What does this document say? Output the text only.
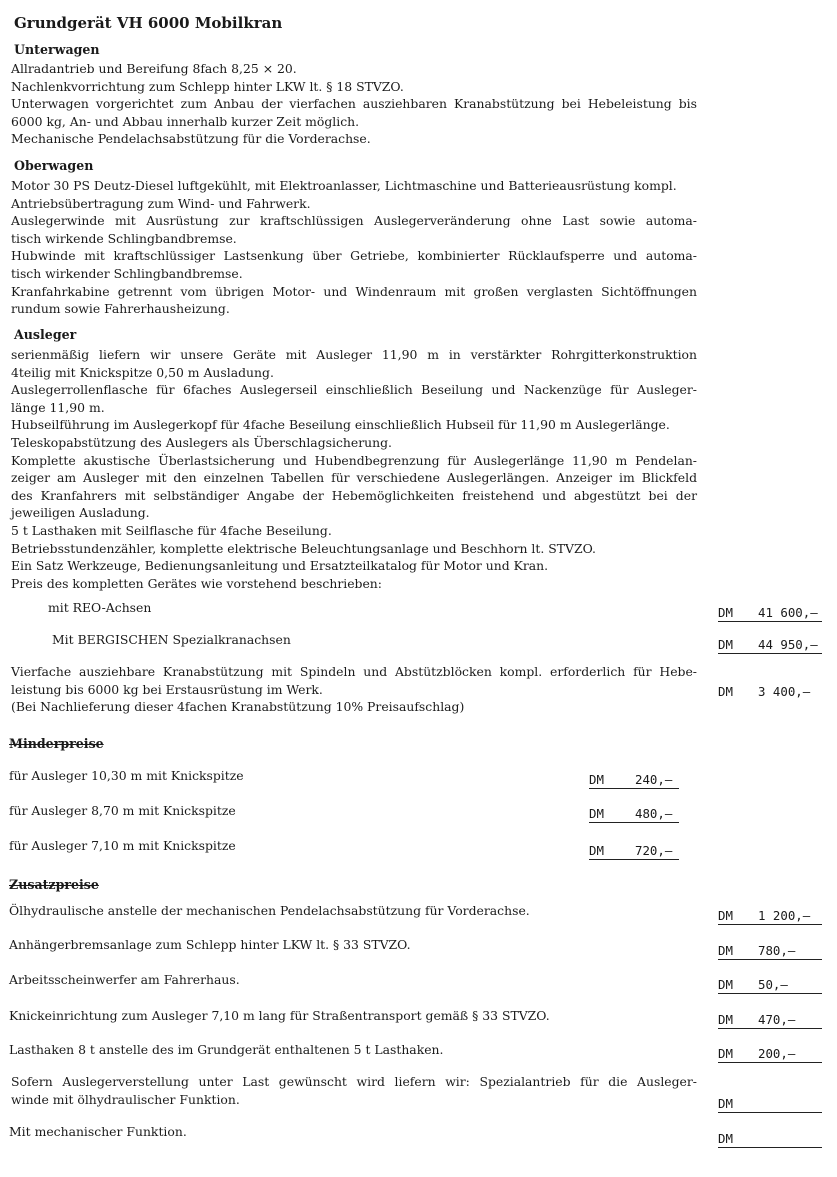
Grundgerät VH 6000 Mobilkran
Unterwagen
Allradantrieb und Bereifung 8fach 8,25 × 20.
Nachlenkvorrichtung zum Schlepp hinter LKW lt. § 18 STVZO.
Unterwagen vorgerichtet zum Anbau der vierfachen ausziehbaren Kranabstützung bei Hebeleistung bis
6000 kg, An- und Abbau innerhalb kurzer Zeit möglich.
Mechanische Pendelachsabstützung für die Vorderachse.
Oberwagen
Motor 30 PS Deutz-Diesel luftgekühlt, mit Elektroanlasser, Lichtmaschine und Batterieausrüstung kompl.
Antriebsübertragung zum Wind- und Fahrwerk.
Auslegerwinde mit Ausrüstung zur kraftschlüssigen Auslegerveränderung ohne Last sowie automa-
tisch wirkende Schlingbandbremse.
Hubwinde mit kraftschlüssiger Lastsenkung über Getriebe, kombinierter Rücklaufsperre und automa-
tisch wirkender Schlingbandbremse.
Kranfahrkabine getrennt vom übrigen Motor- und Windenraum mit großen verglasten Sichtöffnungen
rundum sowie Fahrerhausheizung.
Ausleger
serienmäßig liefern wir unsere Geräte mit Ausleger 11,90 m in verstärkter Rohrgitterkonstruktion
4teilig mit Knickspitze 0,50 m Ausladung.
Auslegerrollenflasche für 6faches Auslegerseil einschließlich Beseilung und Nackenzüge für Ausleger-
länge 11,90 m.
Hubseilführung im Auslegerkopf für 4fache Beseilung einschließlich Hubseil für 11,90 m Auslegerlänge.
Teleskopabstützung des Auslegers als Überschlagsicherung.
Komplette akustische Überlastsicherung und Hubendbegrenzung für Auslegerlänge 11,90 m Pendelan-
zeiger am Ausleger mit den einzelnen Tabellen für verschiedene Auslegerlängen. Anzeiger im Blickfeld
des Kranfahrers mit selbständiger Angabe der Hebemöglichkeiten freistehend und abgestützt bei der
jeweiligen Ausladung.
5 t Lasthaken mit Seilflasche für 4fache Beseilung.
Betriebsstundenzähler, komplette elektrische Beleuchtungsanlage und Beschhorn lt. STVZO.
Ein Satz Werkzeuge, Bedienungsanleitung und Ersatzteilkatalog für Motor und Kran.
Preis des kompletten Gerätes wie vorstehend beschrieben:
mit REO-Achsen	DM 41 600,—
Mit BERGISCHEN Spezialkranachsen	DM 44 950,—
Vierfache ausziehbare Kranabstützung mit Spindeln und Abstützblöcken kompl. erforderlich für Hebe-
leistung bis 6000 kg bei Erstausrüstung im Werk.
(Bei Nachlieferung dieser 4fachen Kranabstützung 10% Preisaufschlag)
DM 3 400,—
Minderpreise
für Ausleger 10,30 m mit Knickspitze	DM	240,—
für Ausleger 8,70 m mit Knickspitze	DM	480,—
für Ausleger 7,10 m mit Knickspitze	DM	720,—
Zusatzpreise
Ölhydraulische anstelle der mechanischen Pendelachsabstützung für Vorderachse.	DM 1 200,—
Anhängerbremsanlage zum Schlepp hinter LKW lt. § 33 STVZO.	DM 780,—
Arbeitsscheinwerfer am Fahrerhaus.	DM 50,—
Knickeinrichtung zum Ausleger 7,10 m lang für Straßentransport gemäß § 33 STVZO.	DM 470,—
Lasthaken 8 t anstelle des im Grundgerät enthaltenen 5 t Lasthaken.	DM 200,—
Sofern Auslegerverstellung unter Last gewünscht wird liefern wir: Spezialantrieb für die Ausleger-
winde mit ölhydraulischer Funktion.	DM
Mit mechanischer Funktion.	DM
